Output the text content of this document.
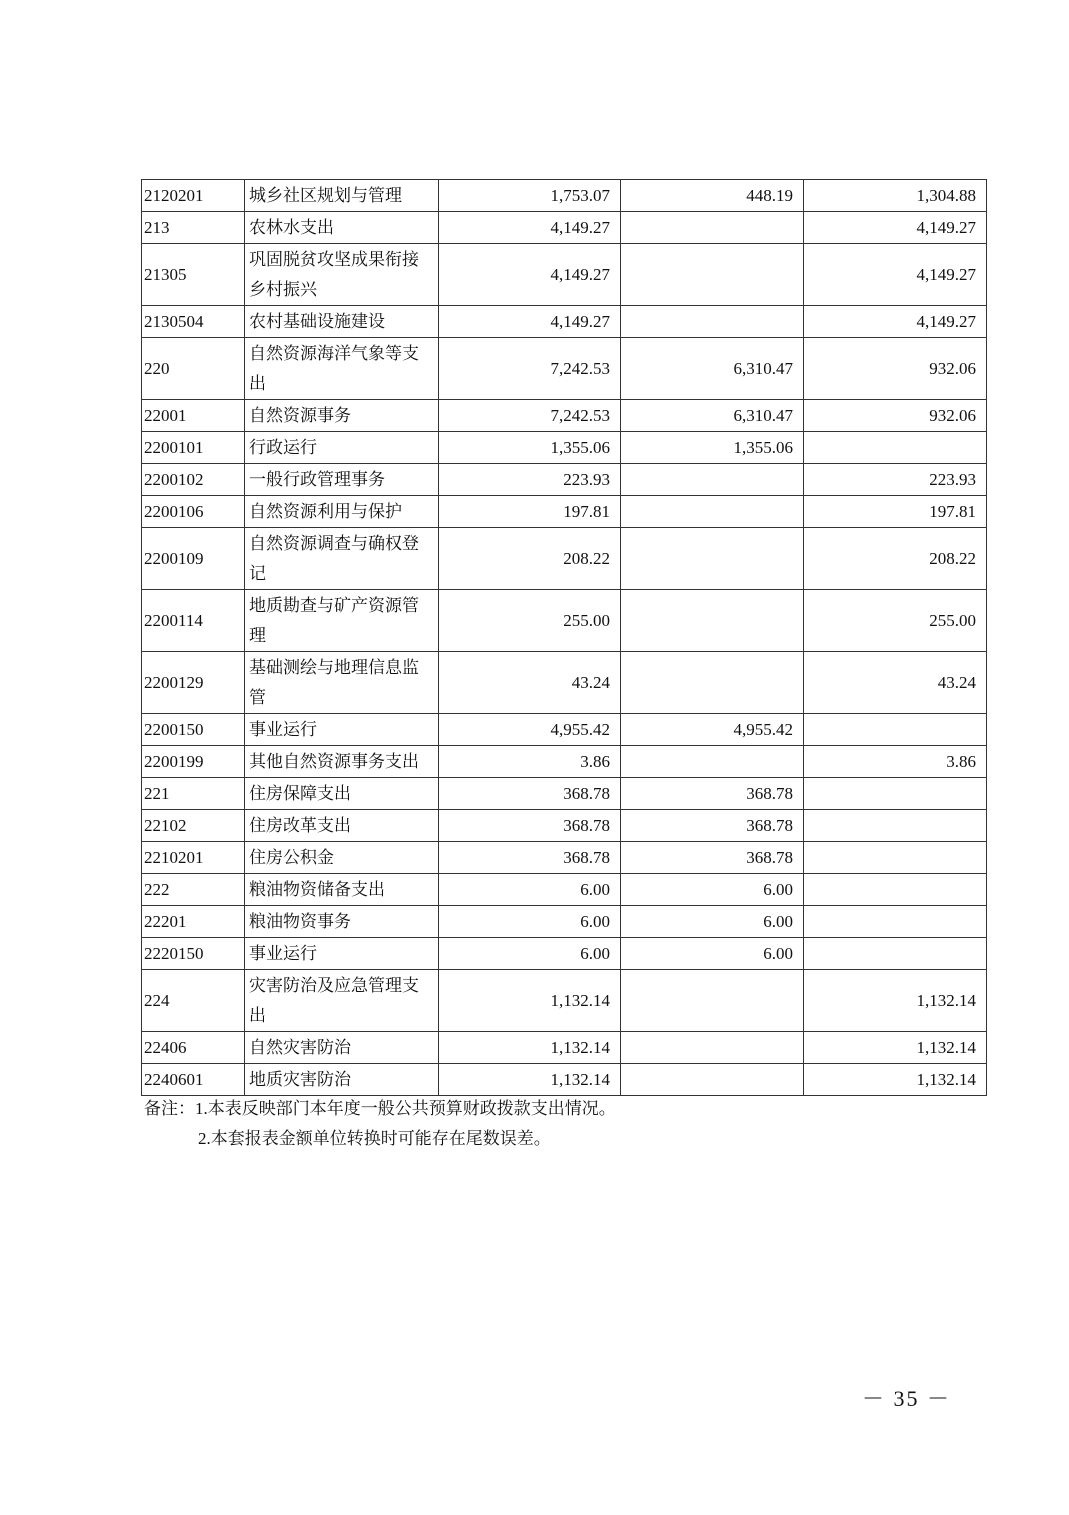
2120201	城乡社区规划与管理	1,753.07	448.19	1,304.88
213	农林水支出	4,149.27		4,149.27
21305	巩固脱贫攻坚成果衔接乡村振兴	4,149.27		4,149.27
2130504	农村基础设施建设	4,149.27		4,149.27
220	自然资源海洋气象等支出	7,242.53	6,310.47	932.06
22001	自然资源事务	7,242.53	6,310.47	932.06
2200101	行政运行	1,355.06	1,355.06	
2200102	一般行政管理事务	223.93		223.93
2200106	自然资源利用与保护	197.81		197.81
2200109	自然资源调查与确权登记	208.22		208.22
2200114	地质勘查与矿产资源管理	255.00		255.00
2200129	基础测绘与地理信息监管	43.24		43.24
2200150	事业运行	4,955.42	4,955.42	
2200199	其他自然资源事务支出	3.86		3.86
221	住房保障支出	368.78	368.78	
22102	住房改革支出	368.78	368.78	
2210201	住房公积金	368.78	368.78	
222	粮油物资储备支出	6.00	6.00	
22201	粮油物资事务	6.00	6.00	
2220150	事业运行	6.00	6.00	
224	灾害防治及应急管理支出	1,132.14		1,132.14
22406	自然灾害防治	1,132.14		1,132.14
2240601	地质灾害防治	1,132.14		1,132.14
备注：1.本表反映部门本年度一般公共预算财政拨款支出情况。
2.本套报表金额单位转换时可能存在尾数误差。
－ 35 －
